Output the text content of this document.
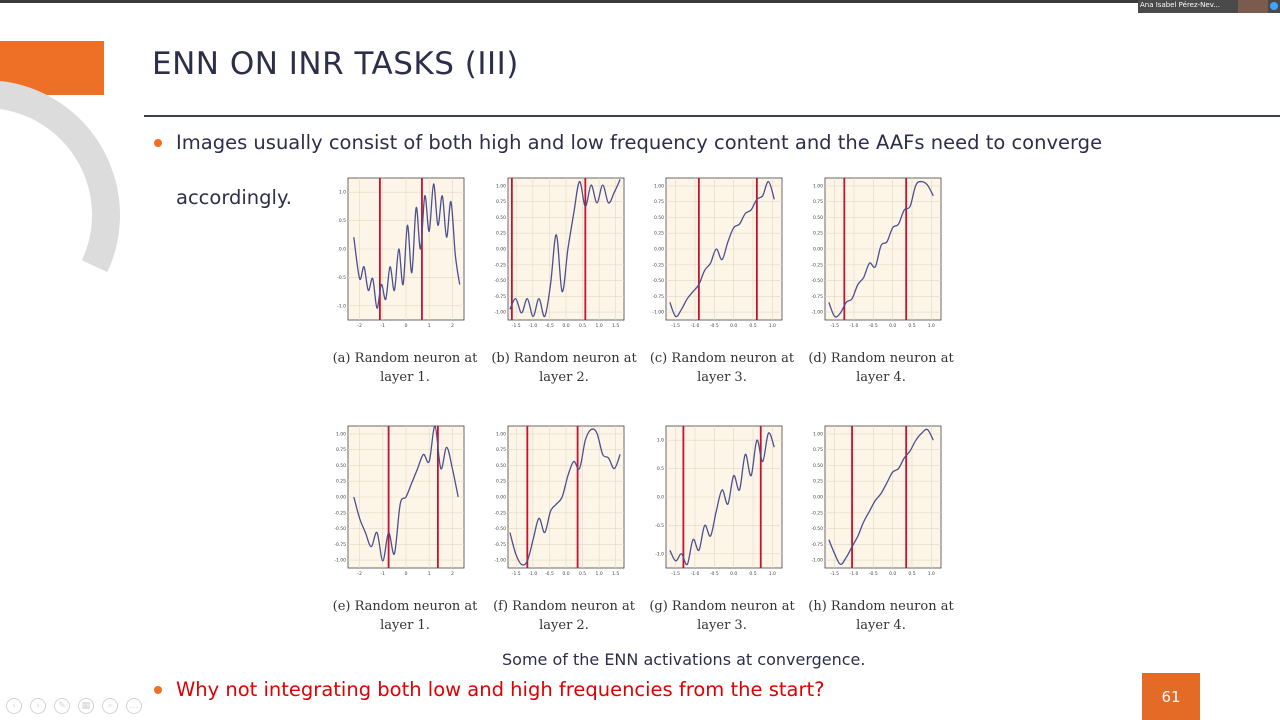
Ana Isabel Pérez-Nev...
ENN ON INR TASKS (III)
Images usually consist of both high and low frequency content and the AAFs need to converge
accordingly.
-2	-1	0	1	2
-1.0
-0.5
0.0
0.5
1.0
-1.5 -1.0 -0.5 0.0 0.5 1.0 1.5
-1.00
-0.75
-0.50
-0.25
0.00
0.25
0.50
0.75
1.00
-1.5 -1.0 -0.5	0.0	0.5	1.0
-1.00
-0.75
-0.50
-0.25
0.00
0.25
0.50
0.75
1.00
-1.5 -1.0 -0.5	0.0	0.5	1.0
-1.00
-0.75
-0.50
-0.25
0.00
0.25
0.50
0.75
1.00
-2	-1	0	1	2
-1.00
-0.75
-0.50
-0.25
0.00
0.25
0.50
0.75
1.00
-1.5 -1.0 -0.5 0.0 0.5 1.0 1.5
-1.00
-0.75
-0.50
-0.25
0.00
0.25
0.50
0.75
1.00
-1.5 -1.0 -0.5	0.0	0.5	1.0
-1.0
-0.5
0.0
0.5
1.0
-1.5 -1.0 -0.5	0.0	0.5	1.0
-1.00
-0.75
-0.50
-0.25
0.00
0.25
0.50
0.75
1.00
(a) Random neuron at
layer 1.
(b) Random neuron at
layer 2.
(c) Random neuron at
layer 3.
(d) Random neuron at
layer 4.
(e) Random neuron at
layer 1.
(f) Random neuron at
layer 2.
(g) Random neuron at
layer 3.
(h) Random neuron at
layer 4.
Some of the ENN activations at convergence.
Why not integrating both low and high frequencies from the start?	61
‹	›	✎	▦	⌕	…
